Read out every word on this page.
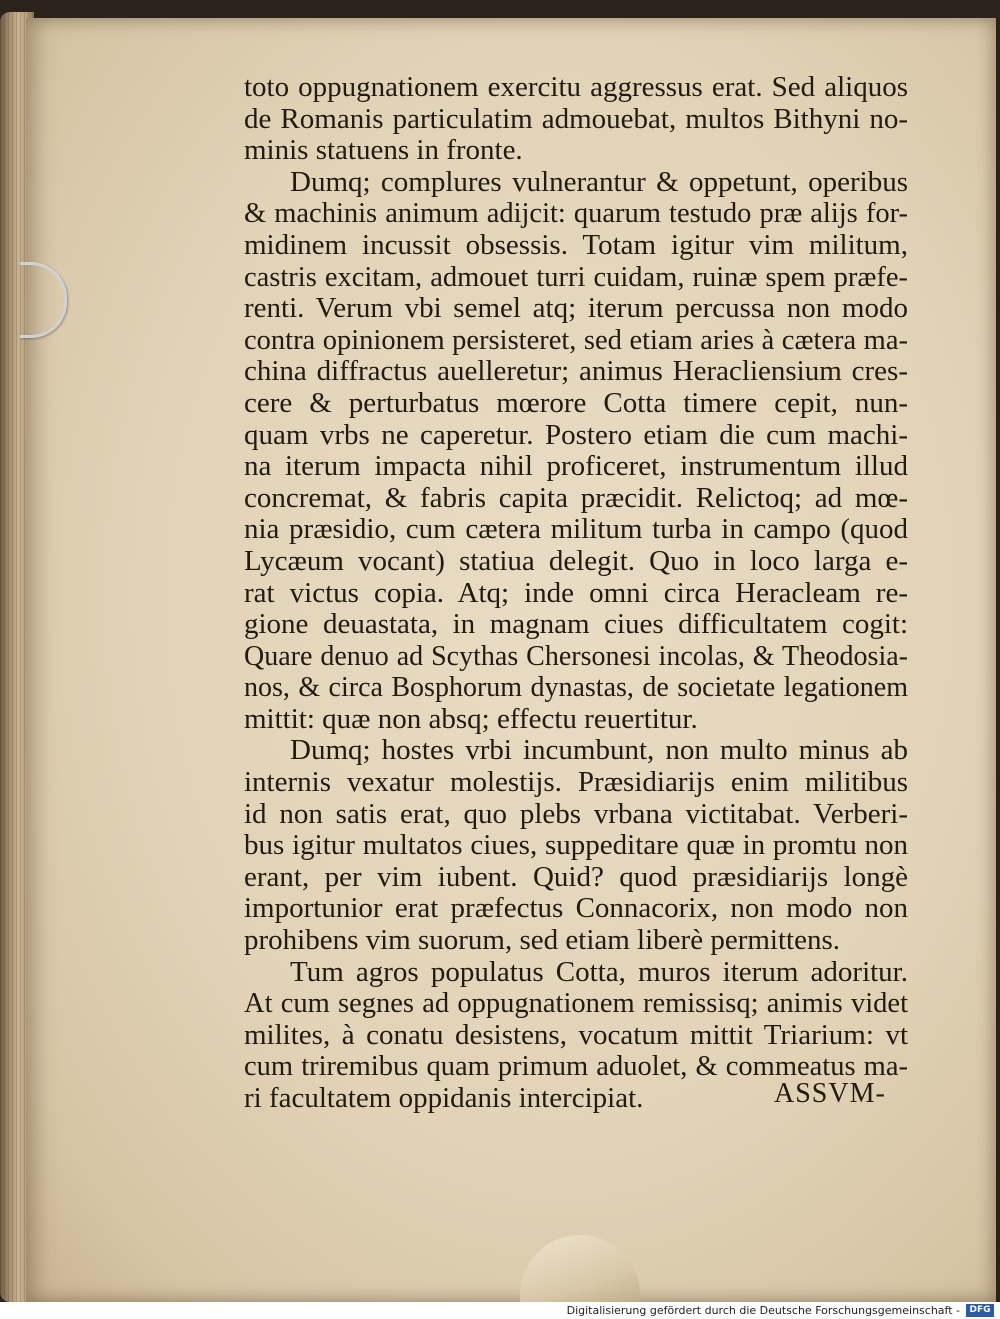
toto oppugnationem exercitu aggressus erat. Sed aliquos
de Romanis particulatim admouebat, multos Bithyni no-
minis statuens in fronte.
Dumq; complures vulnerantur & oppetunt, operibus
& machinis animum adijcit: quarum testudo præ alijs for-
midinem incussit obsessis. Totam igitur vim militum,
castris excitam, admouet turri cuidam, ruinæ spem præfe-
renti. Verum vbi semel atq; iterum percussa non modo
contra opinionem persisteret, sed etiam aries à cætera ma-
china diffractus auelleretur; animus Heracliensium cres-
cere & perturbatus mœrore Cotta timere cepit, nun-
quam vrbs ne caperetur. Postero etiam die cum machi-
na iterum impacta nihil proficeret, instrumentum illud
concremat, & fabris capita præcidit. Relictoq; ad mœ-
nia præsidio, cum cætera militum turba in campo (quod
Lycæum vocant) statiua delegit. Quo in loco larga e-
rat victus copia. Atq; inde omni circa Heracleam re-
gione deuastata, in magnam ciues difficultatem cogit:
Quare denuo ad Scythas Chersonesi incolas, & Theodosia-
nos, & circa Bosphorum dynastas, de societate legationem
mittit: quæ non absq; effectu reuertitur.
Dumq; hostes vrbi incumbunt, non multo minus ab
internis vexatur molestijs. Præsidiarijs enim militibus
id non satis erat, quo plebs vrbana victitabat. Verberi-
bus igitur multatos ciues, suppeditare quæ in promtu non
erant, per vim iubent. Quid? quod præsidiarijs longè
importunior erat præfectus Connacorix, non modo non
prohibens vim suorum, sed etiam liberè permittens.
Tum agros populatus Cotta, muros iterum adoritur.
At cum segnes ad oppugnationem remissisq; animis videt
milites, à conatu desistens, vocatum mittit Triarium: vt
cum triremibus quam primum aduolet, & commeatus ma-
ri facultatem oppidanis intercipiat.	ASSVM-
Digitalisierung gefördert durch die Deutsche Forschungsgemeinschaft -	DFG
